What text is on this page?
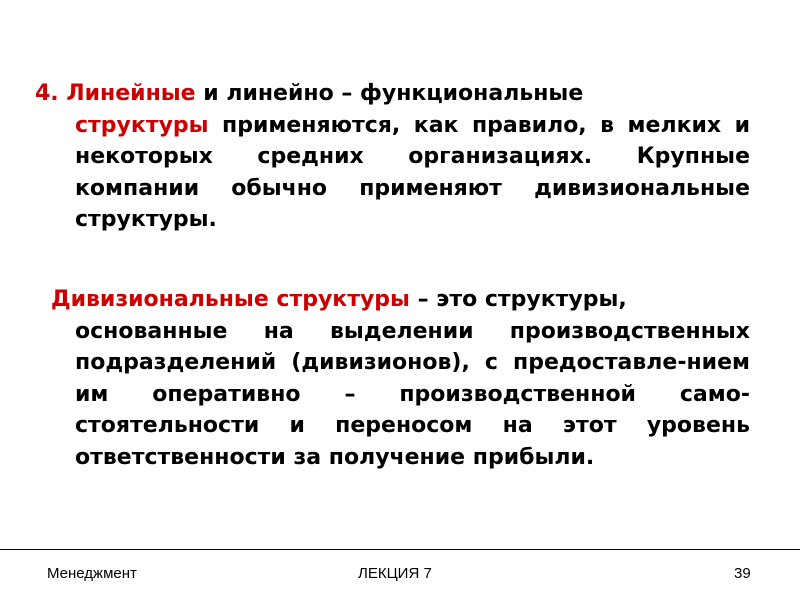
4. Линейные и линейно – функциональные

структуры применяются, как правило, в мелких и некоторых средних организациях. Крупные компании обычно применяют дивизиональные структуры.
Дивизиональные структуры – это структуры,

основанные на выделении производственных подразделений (дивизионов), с предоставле-нием им оперативно – производственной само-стоятельности и переносом на этот уровень ответственности за получение прибыли.
Менеджмент	ЛЕКЦИЯ 7	39
